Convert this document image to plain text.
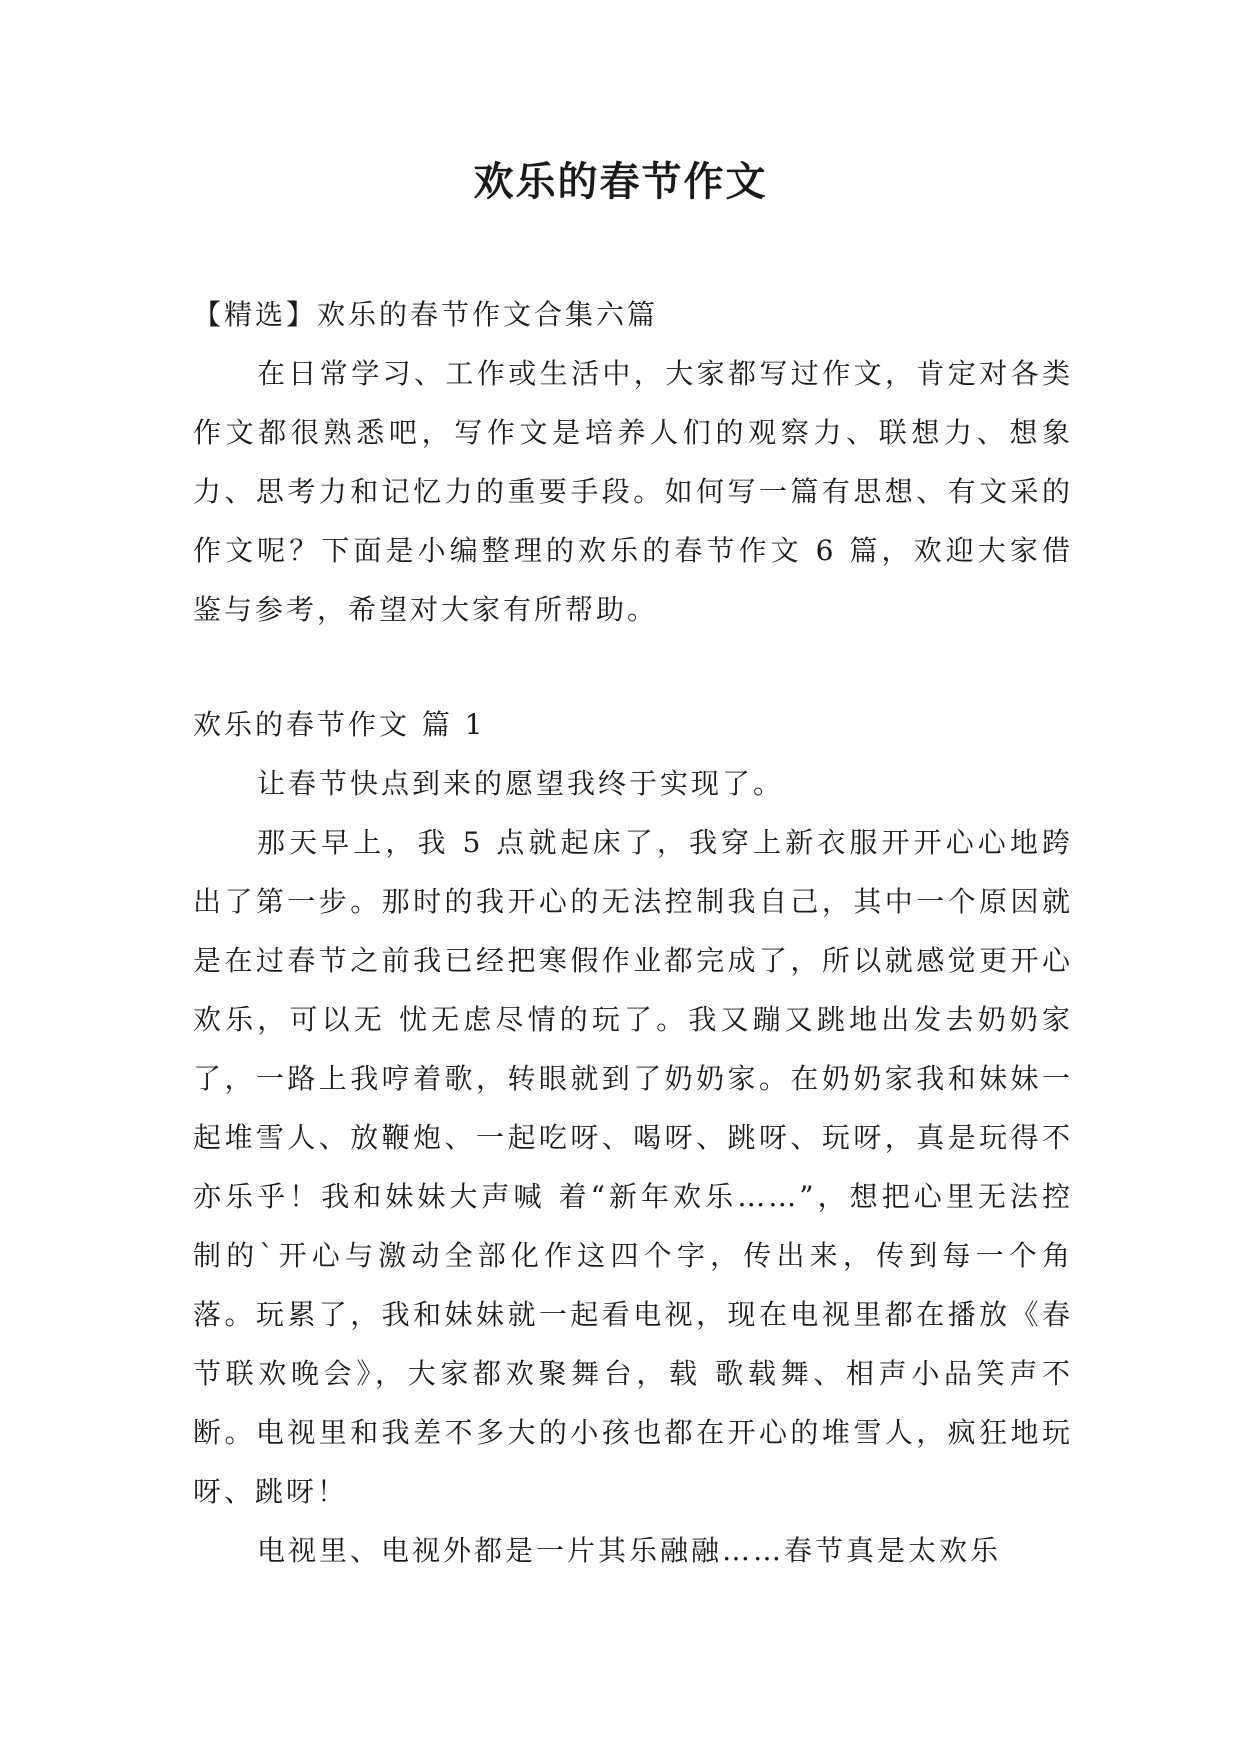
欢乐的春节作文

【精选】欢乐的春节作文合集六篇

在日常学习、工作或生活中，大家都写过作文，肯定对各类作文都很熟悉吧，写作文是培养人们的观察力、联想力、想象力、思考力和记忆力的重要手段。如何写一篇有思想、有文采的作文呢？下面是小编整理的欢乐的春节作文 6 篇，欢迎大家借鉴与参考，希望对大家有所帮助。

欢乐的春节作文 篇 1

让春节快点到来的愿望我终于实现了。

那天早上，我 5 点就起床了，我穿上新衣服开开心心地跨出了第一步。那时的我开心的无法控制我自己，其中一个原因就是在过春节之前我已经把寒假作业都完成了，所以就感觉更开心欢乐，可以无 忧无虑尽情的玩了。我又蹦又跳地出发去奶奶家了，一路上我哼着歌，转眼就到了奶奶家。在奶奶家我和妹妹一起堆雪人、放鞭炮、一起吃呀、喝呀、跳呀、玩呀，真是玩得不亦乐乎！我和妹妹大声喊 着“新年欢乐……”，想把心里无法控制的`开心与激动全部化作这四个字，传出来，传到每一个角落。玩累了，我和妹妹就一起看电视，现在电视里都在播放《春节联欢晚会》，大家都欢聚舞台，载 歌载舞、相声小品笑声不断。电视里和我差不多大的小孩也都在开心的堆雪人，疯狂地玩呀、跳呀！

电视里、电视外都是一片其乐融融……春节真是太欢乐
